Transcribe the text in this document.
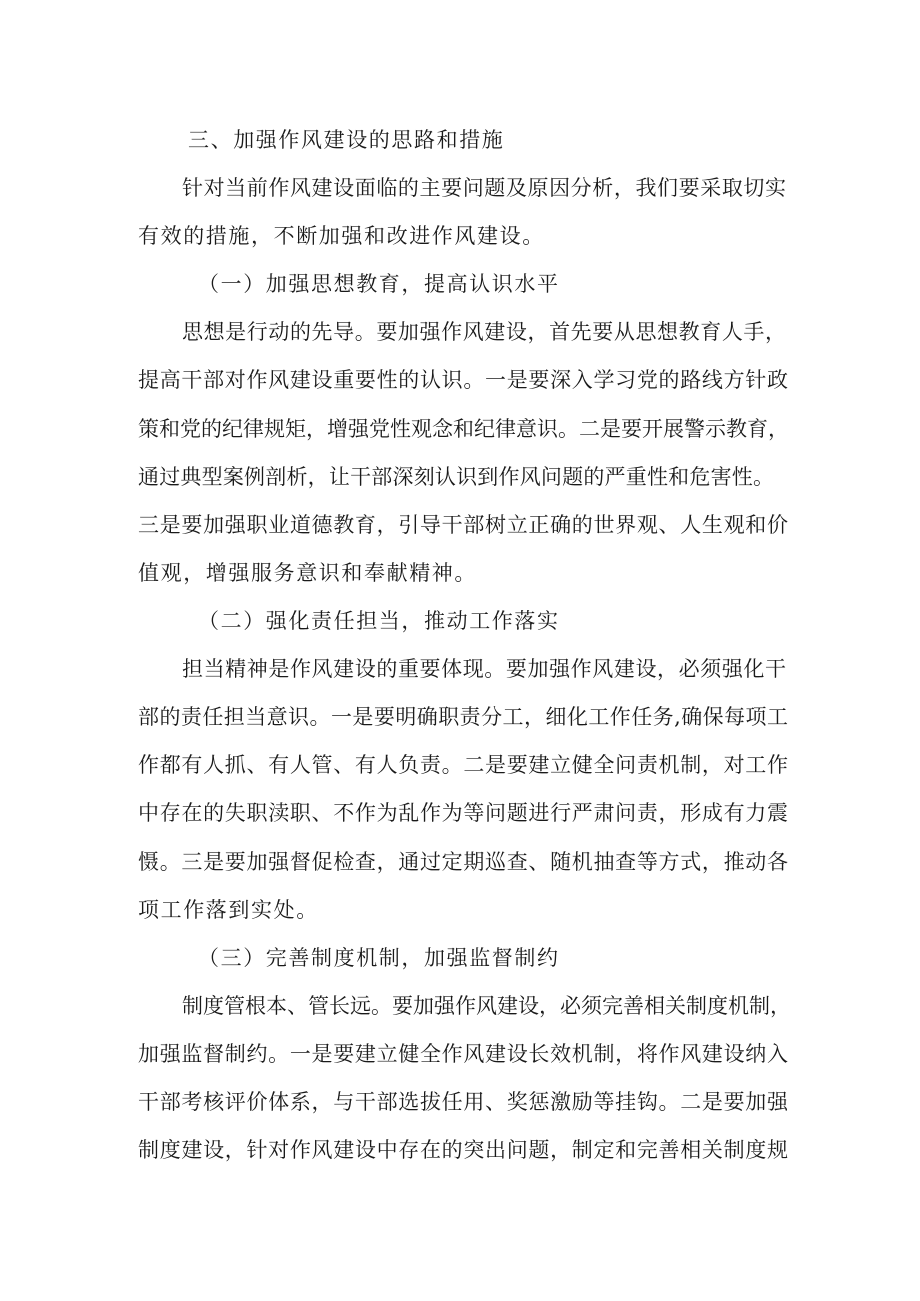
三、加强作风建设的思路和措施
针对当前作风建设面临的主要问题及原因分析，我们要采取切实
有效的措施，不断加强和改进作风建设。
（一）加强思想教育，提高认识水平
思想是行动的先导。要加强作风建设，首先要从思想教育人手，
提高干部对作风建设重要性的认识。一是要深入学习党的路线方针政
策和党的纪律规矩，增强党性观念和纪律意识。二是要开展警示教育，
通过典型案例剖析，让干部深刻认识到作风问题的严重性和危害性。
三是要加强职业道德教育，引导干部树立正确的世界观、人生观和价
值观，增强服务意识和奉献精神。
（二）强化责任担当，推动工作落实
担当精神是作风建设的重要体现。要加强作风建设，必须强化干
部的责任担当意识。一是要明确职责分工，细化工作任务,确保每项工
作都有人抓、有人管、有人负责。二是要建立健全问责机制，对工作
中存在的失职渎职、不作为乱作为等问题进行严肃问责，形成有力震
慑。三是要加强督促检查，通过定期巡查、随机抽查等方式，推动各
项工作落到实处。
（三）完善制度机制，加强监督制约
制度管根本、管长远。要加强作风建设，必须完善相关制度机制，
加强监督制约。一是要建立健全作风建设长效机制，将作风建设纳入
干部考核评价体系，与干部选拔任用、奖惩激励等挂钩。二是要加强
制度建设，针对作风建设中存在的突出问题，制定和完善相关制度规
